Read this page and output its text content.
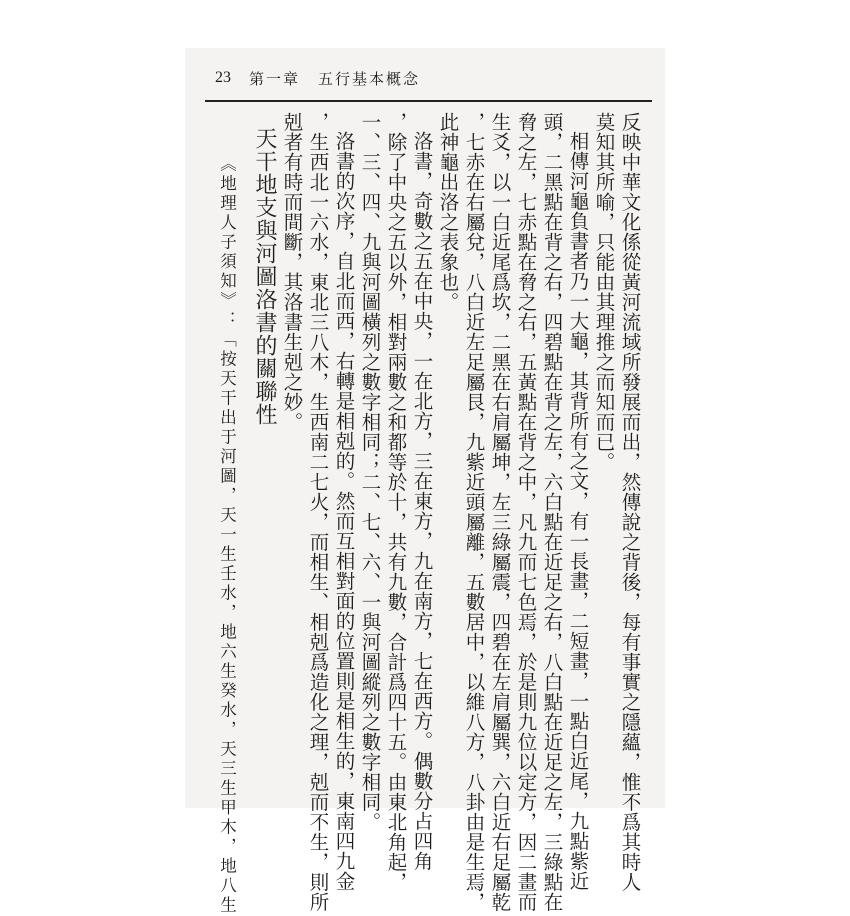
23 第一章 五行基本概念
反映中華文化係從黃河流域所發展而出，然傳說之背後，每有事實之隱蘊，惟不爲其時人
莫知其所喻，只能由其理推之而知而已。
相傳河龜負書者乃一大龜，其背所有之文，有一長畫，二短畫，一點白近尾，九點紫近
頭，二黑點在背之右，四碧點在背之左，六白點在近足之右，八白點在近足之左，三綠點在
脅之左，七赤點在脅之右，五黃點在背之中，凡九而七色焉，於是則九位以定方，因二畫而
生爻，以一白近尾爲坎，二黑在右肩屬坤，左三綠屬震，四碧在左肩屬巽，六白近右足屬乾
，七赤在右屬兌，八白近左足屬艮，九紫近頭屬離，五數居中，以維八方，八卦由是生焉，
此神龜出洛之表象也。
洛書，奇數之五在中央，一在北方，三在東方，九在南方，七在西方。偶數分占四角
，除了中央之五以外，相對兩數之和都等於十，共有九數，合計爲四十五。由東北角起，
一、三、四、九與河圖橫列之數字相同；二、七、六、一與河圖縱列之數字相同。
洛書的次序，自北而西，右轉是相剋的。然而互相對面的位置則是相生的，東南四九金
，生西北一六水，東北三八木，生西南二七火，而相生、相剋爲造化之理，剋而不生，則所
剋者有時而間斷，其洛書生剋之妙。
天干地支與河圖洛書的關聯性
《地理人子須知》：「按天干出于河圖，天一生壬水，地六生癸水，天三生甲木，地八生
